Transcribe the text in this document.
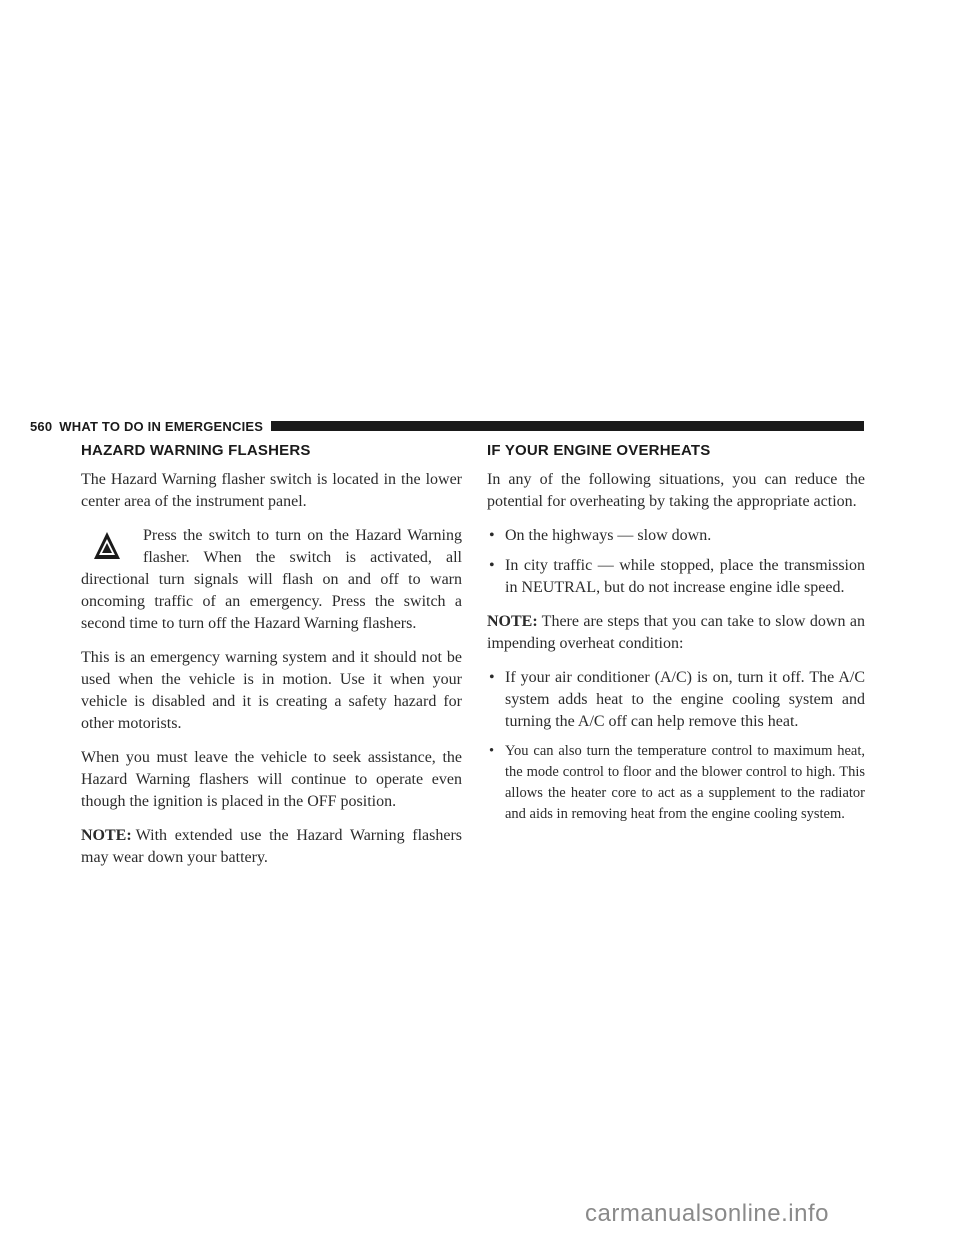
560 WHAT TO DO IN EMERGENCIES
HAZARD WARNING FLASHERS

The Hazard Warning flasher switch is located in the lower center area of the instrument panel.

Press the switch to turn on the Hazard Warning flasher. When the switch is activated, all directional turn signals will flash on and off to warn oncoming traffic of an emergency. Press the switch a second time to turn off the Hazard Warning flashers.

This is an emergency warning system and it should not be used when the vehicle is in motion. Use it when your vehicle is disabled and it is creating a safety hazard for other motorists.

When you must leave the vehicle to seek assistance, the Hazard Warning flashers will continue to operate even though the ignition is placed in the OFF position.

NOTE: With extended use the Hazard Warning flashers may wear down your battery.

IF YOUR ENGINE OVERHEATS

In any of the following situations, you can reduce the potential for overheating by taking the appropriate action.

• On the highways — slow down.
• In city traffic — while stopped, place the transmission in NEUTRAL, but do not increase engine idle speed.

NOTE: There are steps that you can take to slow down an impending overheat condition:

• If your air conditioner (A/C) is on, turn it off. The A/C system adds heat to the engine cooling system and turning the A/C off can help remove this heat.
• You can also turn the temperature control to maximum heat, the mode control to floor and the blower control to high. This allows the heater core to act as a supplement to the radiator and aids in removing heat from the engine cooling system.
carmanualsonline.info
